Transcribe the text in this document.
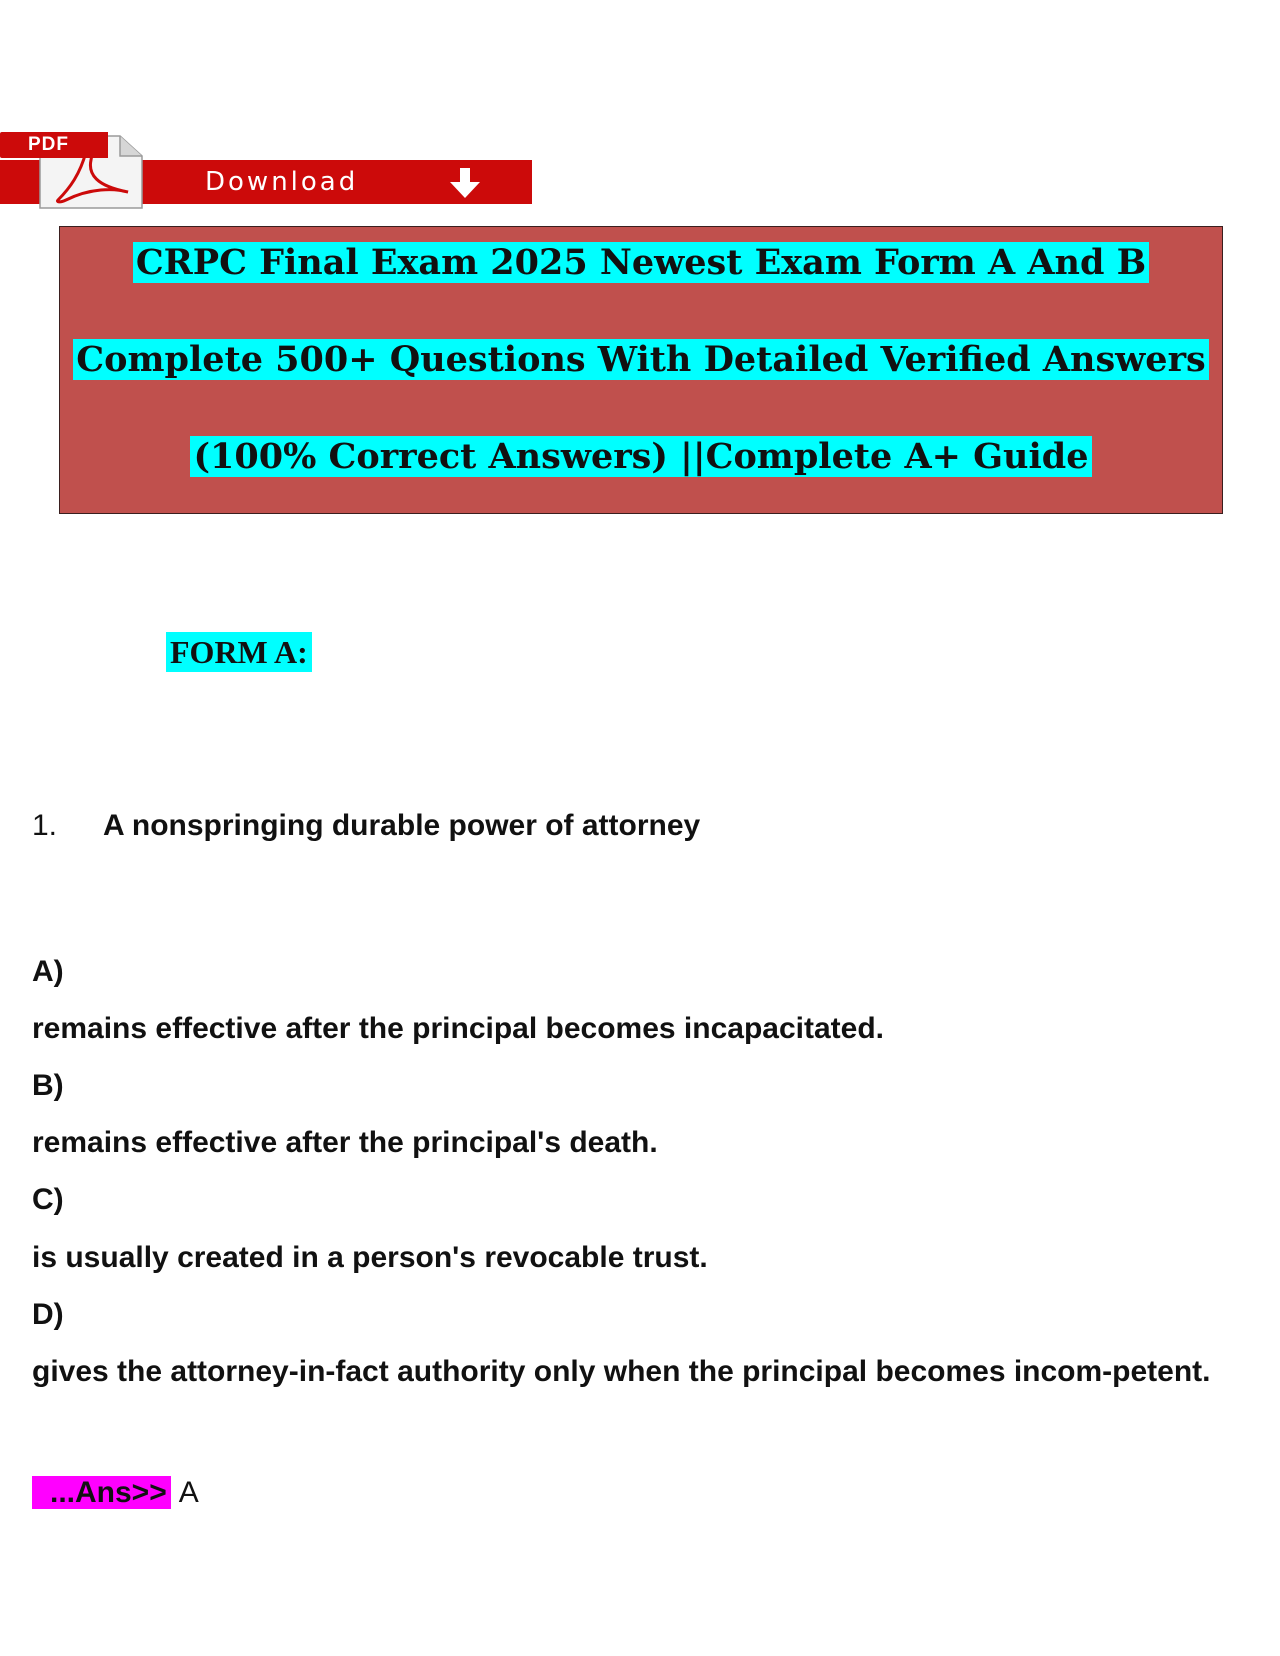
PDF
Download
CRPC Final Exam 2025 Newest Exam Form A And B
Complete 500+ Questions With Detailed Verified Answers
(100% Correct Answers) ||Complete A+ Guide
FORM A:
1. A nonspringing durable power of attorney
A)
remains effective after the principal becomes incapacitated.
B)
remains effective after the principal's death.
C)
is usually created in a person's revocable trust.
D)
gives the attorney-in-fact authority only when the principal becomes incom-petent.
...Ans>> A
